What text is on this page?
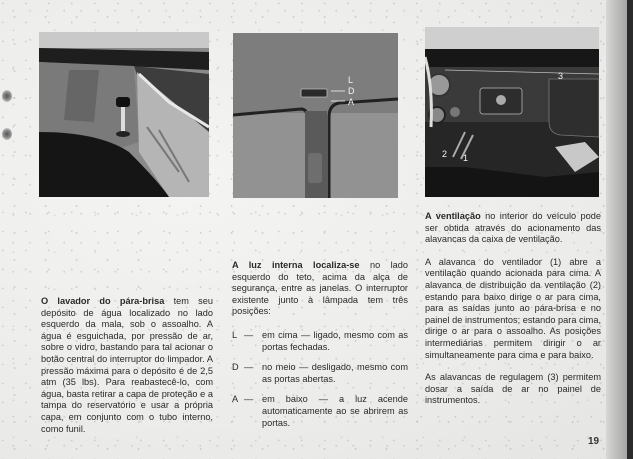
L
D
A
3
2 1

O lavador do pára-brisa tem seu depósito de água localizado no lado esquerdo da mala, sob o assoalho. A água é esguichada, por pressão de ar, sobre o vidro, bastando para tal acionar o botão central do interruptor do limpador. A pressão máxima para o depósito é de 2,5 atm (35 lbs). Para reabastecê-lo, com água, basta retirar a capa de proteção e a tampa do reservatório e usar a própria capa, em conjunto com o tubo interno, como funil.

A luz interna localiza-se no lado esquerdo do teto, acima da alça de segurança, entre as janelas. O interruptor existente junto à lâmpada tem três posições:

L — em cima — ligado, mesmo com as portas fechadas.
D — no meio — desligado, mesmo com as portas abertas.
A — em baixo — a luz acende automaticamente ao se abrirem as portas.

A ventilação no interior do veículo pode ser obtida através do acionamento das alavancas da caixa de ventilação.

A alavanca do ventilador (1) abre a ventilação quando acionada para cima. A alavanca de distribuição da ventilação (2) estando para baixo dirige o ar para cima, para as saídas junto ao pára-brisa e no painel de instrumentos; estando para cima, dirige o ar para o assoalho. As posições intermediárias permitem dirigir o ar simultaneamente para cima e para baixo.

As alavancas de regulagem (3) permitem dosar a saída de ar no painel de instrumentos.

19
